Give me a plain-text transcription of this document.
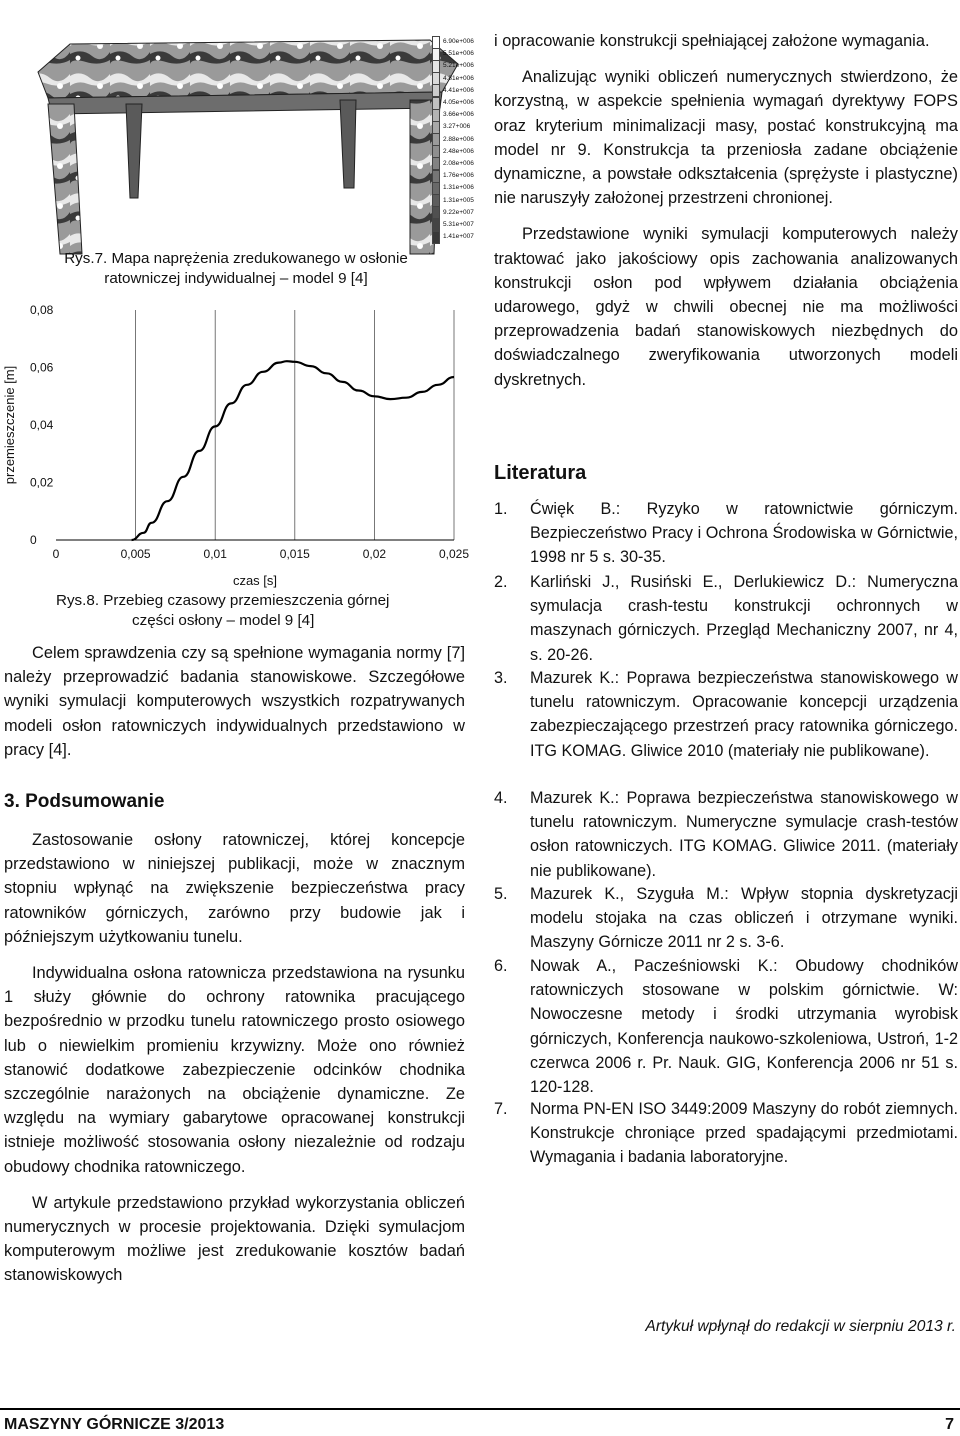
6.90e+006
5.51e+006
5.21e+006
4.81e+006
4.41e+006
4.05e+006
3.66e+006
3.27+006
2.88e+006
2.48e+006
2.08e+006
1.76e+006
1.31e+006
1.31e+005
9.22e+007
5.31e+007
1.41e+007
Rys.7. Mapa naprężenia zredukowanego w osłonie
ratowniczej indywidualnej – model 9 [4]
0	0,005	0,01	0,015	0,02	0,025
0
0,02
0,04
0,06
0,08
czas [s]
przemieszczenie [m]
Rys.8. Przebieg czasowy przemieszczenia górnej
części osłony – model 9 [4]

Celem sprawdzenia czy są spełnione wymagania normy [7] należy przeprowadzić badania stanowiskowe. Szczegółowe wyniki symulacji komputerowych wszystkich rozpatrywanych modeli osłon ratowniczych indywidualnych przedstawiono w pracy [4].

3. Podsumowanie

Zastosowanie osłony ratowniczej, której koncepcje przedstawiono w niniejszej publikacji, może w znacznym stopniu wpłynąć na zwiększenie bezpieczeństwa pracy ratowników górniczych, zarówno przy budowie jak i późniejszym użytkowaniu tunelu.

Indywidualna osłona ratownicza przedstawiona na rysunku 1 służy głównie do ochrony ratownika pracującego bezpośrednio w przodku tunelu ratowniczego prosto osiowego lub o niewielkim promieniu krzywizny. Może ono również stanowić dodatkowe zabezpieczenie odcinków chodnika szczególnie narażonych na obciążenie dynamiczne. Ze względu na wymiary gabarytowe opracowanej konstrukcji istnieje możliwość stosowania osłony niezależnie od rodzaju obudowy chodnika ratowniczego.

W artykule przedstawiono przykład wykorzystania obliczeń numerycznych w procesie projektowania. Dzięki symulacjom komputerowym możliwe jest zredukowanie kosztów badań stanowiskowych

i opracowanie konstrukcji spełniającej założone wymagania.

Analizując wyniki obliczeń numerycznych stwierdzono, że korzystną, w aspekcie spełnienia wymagań dyrektywy FOPS oraz kryterium minimalizacji masy, postać konstrukcyjną ma model nr 9. Konstrukcja ta przeniosła zadane obciążenie dynamiczne, a powstałe odkształcenia (sprężyste i plastyczne) nie naruszyły założonej przestrzeni chronionej.

Przedstawione wyniki symulacji komputerowych należy traktować jako jakościowy opis zachowania analizowanych konstrukcji osłon pod wpływem działania obciążenia udarowego, gdyż w chwili obecnej nie ma możliwości przeprowadzenia badań stanowiskowych niezbędnych do doświadczalnego zweryfikowania utworzonych modeli dyskretnych.

Literatura
1. Ćwięk B.: Ryzyko w ratownictwie górniczym. Bezpieczeństwo Pracy i Ochrona Środowiska w Górnictwie, 1998 nr 5 s. 30-35.
2. Karliński J., Rusiński E., Derlukiewicz D.: Numeryczna symulacja crash-testu konstrukcji ochronnych w maszynach górniczych. Przegląd Mechaniczny 2007, nr 4, s. 20-26.
3. Mazurek K.: Poprawa bezpieczeństwa stanowiskowego w tunelu ratowniczym. Opracowanie koncepcji urządzenia zabezpieczającego przestrzeń pracy ratownika górniczego. ITG KOMAG. Gliwice 2010 (materiały nie publikowane).
4. Mazurek K.: Poprawa bezpieczeństwa stanowiskowego w tunelu ratowniczym. Numeryczne symulacje crash-testów osłon ratowniczych. ITG KOMAG. Gliwice 2011. (materiały nie publikowane).
5. Mazurek K., Szyguła M.: Wpływ stopnia dyskretyzacji modelu stojaka na czas obliczeń i otrzymane wyniki. Maszyny Górnicze 2011 nr 2 s. 3-6.
6. Nowak A., Pacześniowski K.: Obudowy chodników ratowniczych stosowane w polskim górnictwie. W: Nowoczesne metody i środki utrzymania wyrobisk górniczych, Konferencja naukowo-szkoleniowa, Ustroń, 1-2 czerwca 2006 r. Pr. Nauk. GIG, Konferencja 2006 nr 51 s. 120-128.
7. Norma PN-EN ISO 3449:2009 Maszyny do robót ziemnych. Konstrukcje chroniące przed spadającymi przedmiotami. Wymagania i badania laboratoryjne.
Artykuł wpłynął do redakcji w sierpniu 2013 r.
MASZYNY GÓRNICZE 3/2013	7
